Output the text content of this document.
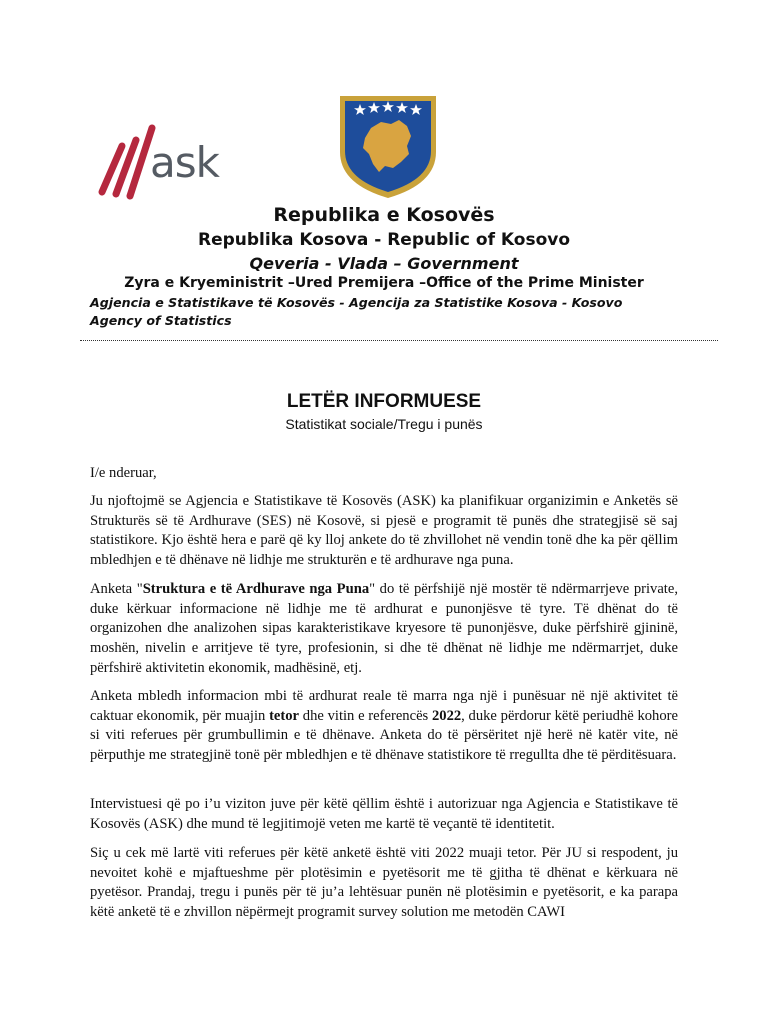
ask
Republika e Kosovës
Republika Kosova - Republic of Kosovo
Qeveria - Vlada – Government
Zyra e Kryeministrit –Ured Premijera –Office of the Prime Minister
Agjencia e Statistikave të Kosovës - Agencija za Statistike Kosova - Kosovo Agency of Statistics
LETËR INFORMUESE
Statistikat sociale/Tregu i punës

I/e nderuar,

Ju njoftojmë se Agjencia e Statistikave të Kosovës (ASK) ka planifikuar organizimin e Anketës së Strukturës së të Ardhurave (SES) në Kosovë, si pjesë e programit të punës dhe strategjisë së saj statistikore. Kjo është hera e parë që ky lloj ankete do të zhvillohet në vendin tonë dhe ka për qëllim mbledhjen e të dhënave në lidhje me strukturën e të ardhurave nga puna.

Anketa "Struktura e të Ardhurave nga Puna" do të përfshijë një mostër të ndërmarrjeve private, duke kërkuar informacione në lidhje me të ardhurat e punonjësve të tyre. Të dhënat do të organizohen dhe analizohen sipas karakteristikave kryesore të punonjësve, duke përfshirë gjininë, moshën, nivelin e arritjeve të tyre, profesionin, si dhe të dhënat në lidhje me ndërmarrjet, duke përfshirë aktivitetin ekonomik, madhësinë, etj.

Anketa mbledh informacion mbi të ardhurat reale të marra nga një i punësuar në një aktivitet të caktuar ekonomik, për muajin tetor dhe vitin e referencës 2022, duke përdorur këtë periudhë kohore si viti referues për grumbullimin e të dhënave. Anketa do të përsëritet një herë në katër vite, në përputhje me strategjinë tonë për mbledhjen e të dhënave statistikore të rregullta dhe të përditësuara.

Intervistuesi që po i’u viziton juve për këtë qëllim është i autorizuar nga Agjencia e Statistikave të Kosovës (ASK) dhe mund të legjitimojë veten me kartë të veçantë të identitetit.

Siç u cek më lartë viti referues për këtë anketë është viti 2022 muaji tetor. Për JU si respodent, ju nevoitet kohë e mjaftueshme për plotësimin e pyetësorit me të gjitha të dhënat e kërkuara në pyetësor. Prandaj, tregu i punës për të ju’a lehtësuar punën në plotësimin e pyetësorit, e ka parapa këtë anketë të e zhvillon nëpërmejt programit survey solution me metodën CAWI
